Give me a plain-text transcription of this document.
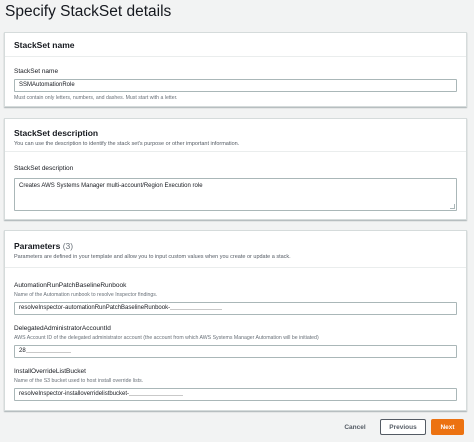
Specify StackSet details
StackSet name
StackSet name
SSMAutomationRole
Must contain only letters, numbers, and dashes. Must start with a letter.
StackSet description
You can use the description to identify the stack set's purpose or other important information.
StackSet description
Creates AWS Systems Manager multi-account/Region Execution role
Parameters (3)
Parameters are defined in your template and allow you to input custom values when you create or update a stack.
AutomationRunPatchBaselineRunbook
Name of the Automation runbook to resolve Inspector findings.
resolveInspector-automationRunPatchBaselineRunbook-
DelegatedAdministratorAccountId
AWS Account ID of the delegated administrator account (the account from which AWS Systems Manager Automation will be initiated)
28
InstallOverrideListBucket
Name of the S3 bucket used to host install override lists.
resolveInspector-installoverridelistbucket-
Cancel	Previous	Next
